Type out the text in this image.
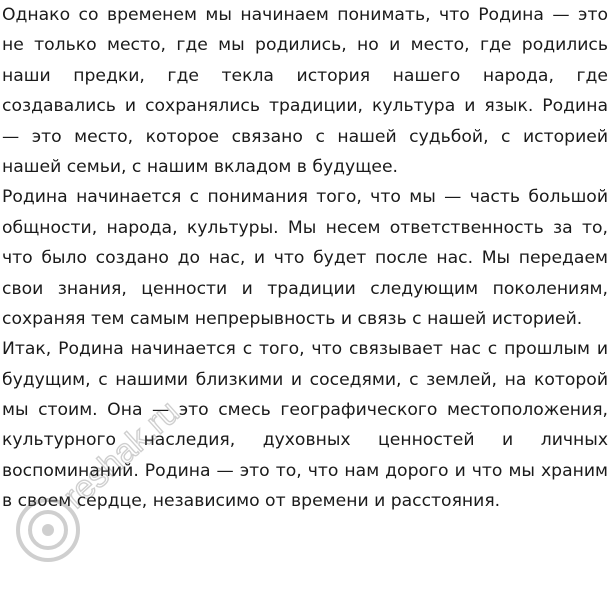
Однако со временем мы начинаем понимать, что Родина — это
не только место, где мы родились, но и место, где родились
наши предки, где текла история нашего народа, где
создавались и сохранялись традиции, культура и язык. Родина
— это место, которое связано с нашей судьбой, с историей
нашей семьи, с нашим вкладом в будущее.
Родина начинается с понимания того, что мы — часть большой
общности, народа, культуры. Мы несем ответственность за то,
что было создано до нас, и что будет после нас. Мы передаем
свои знания, ценности и традиции следующим поколениям,
сохраняя тем самым непрерывность и связь с нашей историей.
Итак, Родина начинается с того, что связывает нас с прошлым и
будущим, с нашими близкими и соседями, с землей, на которой
мы стоим. Она — это смесь географического местоположения,
культурного наследия, духовных ценностей и личных
воспоминаний. Родина — это то, что нам дорого и что мы храним
в своем сердце, независимо от времени и расстояния.
reshak.ru
